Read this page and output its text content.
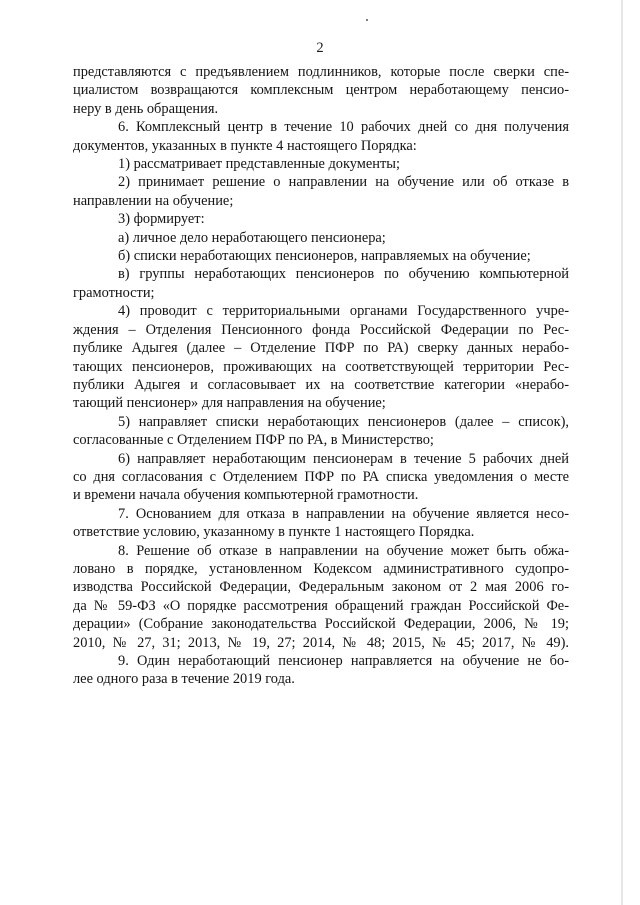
2

представляются с предъявлением подлинников, которые после сверки спе-
циалистом возвращаются комплексным центром неработающему пенсио-
неру в день обращения.
6. Комплексный центр в течение 10 рабочих дней со дня получения
документов, указанных в пункте 4 настоящего Порядка:
1) рассматривает представленные документы;
2) принимает решение о направлении на обучение или об отказе в
направлении на обучение;
3) формирует:
а) личное дело неработающего пенсионера;
б) списки неработающих пенсионеров, направляемых на обучение;
в) группы неработающих пенсионеров по обучению компьютерной
грамотности;
4) проводит с территориальными органами Государственного учре-
ждения – Отделения Пенсионного фонда Российской Федерации по Рес-
публике Адыгея (далее – Отделение ПФР по РА) сверку данных нерабо-
тающих пенсионеров, проживающих на соответствующей территории Рес-
публики Адыгея и согласовывает их на соответствие категории «нерабо-
тающий пенсионер» для направления на обучение;
5) направляет списки неработающих пенсионеров (далее – список),
согласованные с Отделением ПФР по РА, в Министерство;
6) направляет неработающим пенсионерам в течение 5 рабочих дней
со дня согласования с Отделением ПФР по РА списка уведомления о месте
и времени начала обучения компьютерной грамотности.
7. Основанием для отказа в направлении на обучение является несо-
ответствие условию, указанному в пункте 1 настоящего Порядка.
8. Решение об отказе в направлении на обучение может быть обжа-
ловано в порядке, установленном Кодексом административного судопро-
изводства Российской Федерации, Федеральным законом от 2 мая 2006 го-
да № 59-ФЗ «О порядке рассмотрения обращений граждан Российской Фе-
дерации» (Собрание законодательства Российской Федерации, 2006, № 19;
2010, № 27, 31; 2013, № 19, 27; 2014, № 48; 2015, № 45; 2017, № 49).
9. Один неработающий пенсионер направляется на обучение не бо-
лее одного раза в течение 2019 года.
